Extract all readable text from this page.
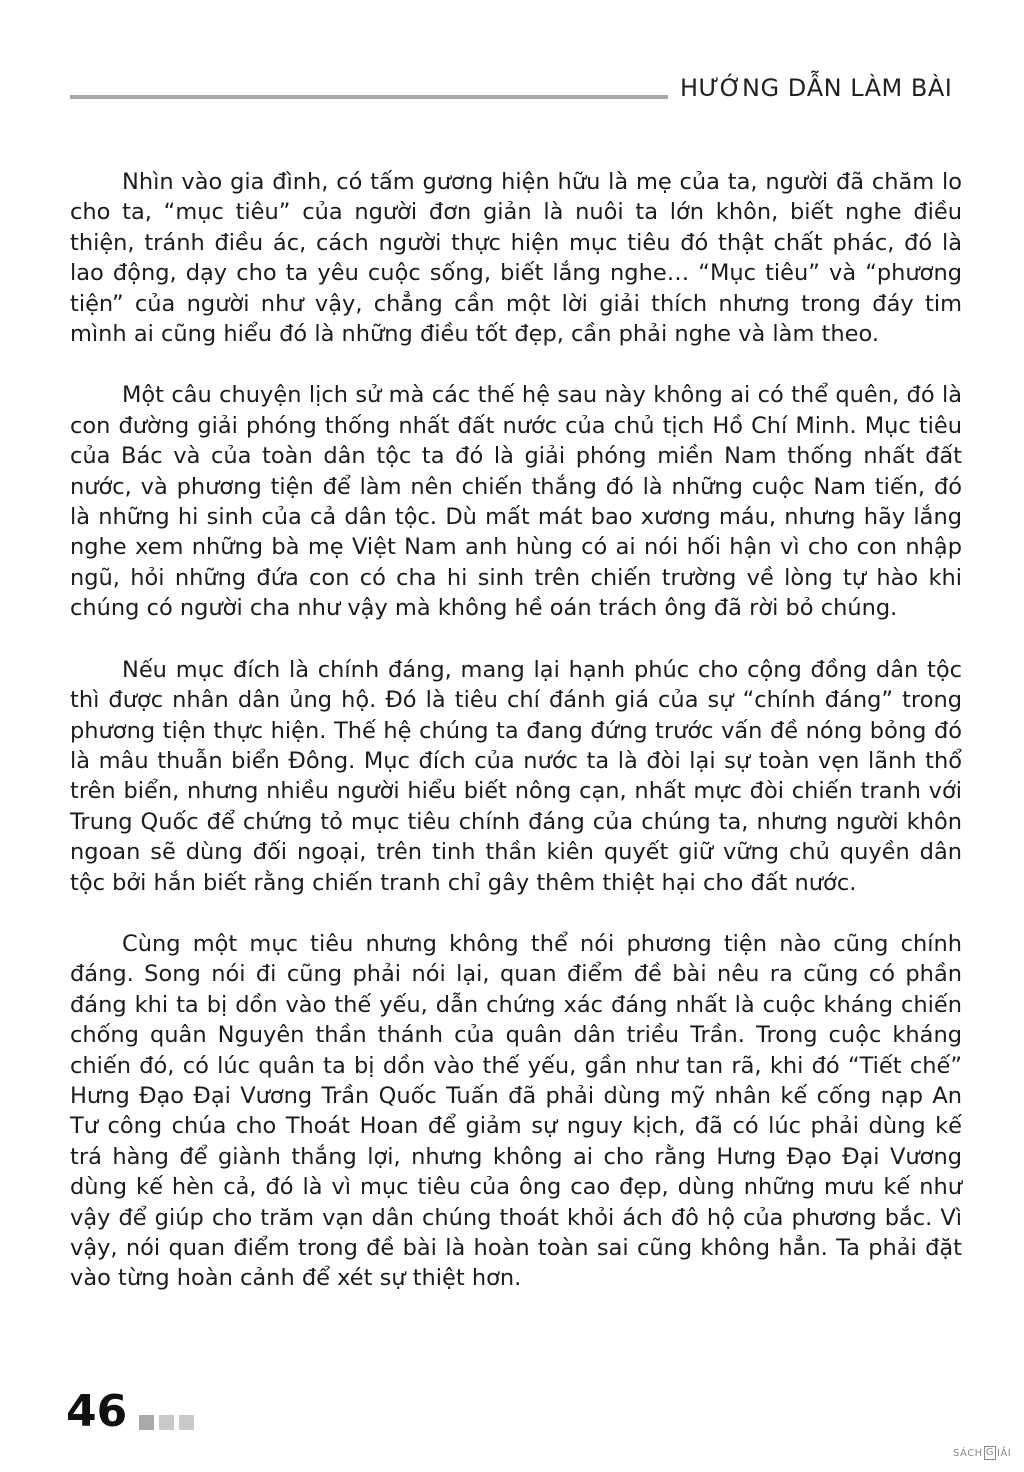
HƯỚNG DẪN LÀM BÀI

Nhìn vào gia đình, có tấm gương hiện hữu là mẹ của ta, người đã chăm lo cho ta, “mục tiêu” của người đơn giản là nuôi ta lớn khôn, biết nghe điều thiện, tránh điều ác, cách người thực hiện mục tiêu đó thật chất phác, đó là lao động, dạy cho ta yêu cuộc sống, biết lắng nghe… “Mục tiêu” và “phương tiện” của người như vậy, chẳng cần một lời giải thích nhưng trong đáy tim mình ai cũng hiểu đó là những điều tốt đẹp, cần phải nghe và làm theo.

Một câu chuyện lịch sử mà các thế hệ sau này không ai có thể quên, đó là con đường giải phóng thống nhất đất nước của chủ tịch Hồ Chí Minh. Mục tiêu của Bác và của toàn dân tộc ta đó là giải phóng miền Nam thống nhất đất nước, và phương tiện để làm nên chiến thắng đó là những cuộc Nam tiến, đó là những hi sinh của cả dân tộc. Dù mất mát bao xương máu, nhưng hãy lắng nghe xem những bà mẹ Việt Nam anh hùng có ai nói hối hận vì cho con nhập ngũ, hỏi những đứa con có cha hi sinh trên chiến trường về lòng tự hào khi chúng có người cha như vậy mà không hề oán trách ông đã rời bỏ chúng.

Nếu mục đích là chính đáng, mang lại hạnh phúc cho cộng đồng dân tộc thì được nhân dân ủng hộ. Đó là tiêu chí đánh giá của sự “chính đáng” trong phương tiện thực hiện. Thế hệ chúng ta đang đứng trước vấn đề nóng bỏng đó là mâu thuẫn biển Đông. Mục đích của nước ta là đòi lại sự toàn vẹn lãnh thổ trên biển, nhưng nhiều người hiểu biết nông cạn, nhất mực đòi chiến tranh với Trung Quốc để chứng tỏ mục tiêu chính đáng của chúng ta, nhưng người khôn ngoan sẽ dùng đối ngoại, trên tinh thần kiên quyết giữ vững chủ quyền dân tộc bởi hắn biết rằng chiến tranh chỉ gây thêm thiệt hại cho đất nước.

Cùng một mục tiêu nhưng không thể nói phương tiện nào cũng chính đáng. Song nói đi cũng phải nói lại, quan điểm đề bài nêu ra cũng có phần đáng khi ta bị dồn vào thế yếu, dẫn chứng xác đáng nhất là cuộc kháng chiến chống quân Nguyên thần thánh của quân dân triều Trần. Trong cuộc kháng chiến đó, có lúc quân ta bị dồn vào thế yếu, gần như tan rã, khi đó “Tiết chế” Hưng Đạo Đại Vương Trần Quốc Tuấn đã phải dùng mỹ nhân kế cống nạp An Tư công chúa cho Thoát Hoan để giảm sự nguy kịch, đã có lúc phải dùng kế trá hàng để giành thắng lợi, nhưng không ai cho rằng Hưng Đạo Đại Vương dùng kế hèn cả, đó là vì mục tiêu của ông cao đẹp, dùng những mưu kế như vậy để giúp cho trăm vạn dân chúng thoát khỏi ách đô hộ của phương bắc. Vì vậy, nói quan điểm trong đề bài là hoàn toàn sai cũng không hẳn. Ta phải đặt vào từng hoàn cảnh để xét sự thiệt hơn.

46
SÁCH G IẢI
